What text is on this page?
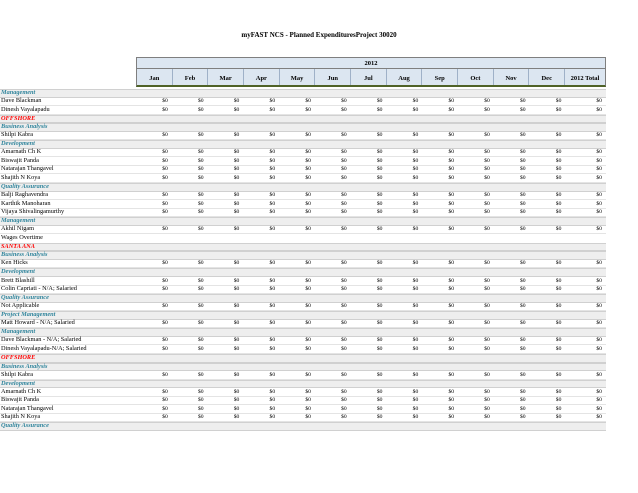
myFAST NCS - Planned ExpendituresProject 30020
2012
Jan	Feb	Mar	Apr	May	Jun	Jul	Aug	Sep	Oct	Nov	Dec	2012 Total
Management
Dave Blackman	$0	$0	$0	$0	$0	$0	$0	$0	$0	$0	$0	$0	$0
Dinesh Vayalapadu	$0	$0	$0	$0	$0	$0	$0	$0	$0	$0	$0	$0	$0
OFFSHORE
Business Analysis
Shilpi Kabra	$0	$0	$0	$0	$0	$0	$0	$0	$0	$0	$0	$0	$0
Development
Amarnath Ch K	$0	$0	$0	$0	$0	$0	$0	$0	$0	$0	$0	$0	$0
Biswajit Panda	$0	$0	$0	$0	$0	$0	$0	$0	$0	$0	$0	$0	$0
Natarajan Thangavel	$0	$0	$0	$0	$0	$0	$0	$0	$0	$0	$0	$0	$0
Shajith N Koya	$0	$0	$0	$0	$0	$0	$0	$0	$0	$0	$0	$0	$0
Quality Assurance
Balji Raghavendra	$0	$0	$0	$0	$0	$0	$0	$0	$0	$0	$0	$0	$0
Karthik Manoharan	$0	$0	$0	$0	$0	$0	$0	$0	$0	$0	$0	$0	$0
Vijaya Shivalingamurthy	$0	$0	$0	$0	$0	$0	$0	$0	$0	$0	$0	$0	$0
Management
Akhil Nigam	$0	$0	$0	$0	$0	$0	$0	$0	$0	$0	$0	$0	$0
Wages Overtime
SANTA ANA
Business Analysis
Ken Hicks	$0	$0	$0	$0	$0	$0	$0	$0	$0	$0	$0	$0	$0
Development
Brett Blashill	$0	$0	$0	$0	$0	$0	$0	$0	$0	$0	$0	$0	$0
Colin Capriati - N/A; Salaried	$0	$0	$0	$0	$0	$0	$0	$0	$0	$0	$0	$0	$0
Quality Assurance
Not Applicable	$0	$0	$0	$0	$0	$0	$0	$0	$0	$0	$0	$0	$0
Project Management
Matt Howard - N/A; Salaried	$0	$0	$0	$0	$0	$0	$0	$0	$0	$0	$0	$0	$0
Management
Dave Blackman - N/A; Salaried	$0	$0	$0	$0	$0	$0	$0	$0	$0	$0	$0	$0	$0
Dinesh Vayalapadu-N/A; Salaried	$0	$0	$0	$0	$0	$0	$0	$0	$0	$0	$0	$0	$0
OFFSHORE
Business Analysis
Shilpi Kabra	$0	$0	$0	$0	$0	$0	$0	$0	$0	$0	$0	$0	$0
Development
Amarnath Ch K	$0	$0	$0	$0	$0	$0	$0	$0	$0	$0	$0	$0	$0
Biswajit Panda	$0	$0	$0	$0	$0	$0	$0	$0	$0	$0	$0	$0	$0
Natarajan Thangavel	$0	$0	$0	$0	$0	$0	$0	$0	$0	$0	$0	$0	$0
Shajith N Koya	$0	$0	$0	$0	$0	$0	$0	$0	$0	$0	$0	$0	$0
Quality Assurance
